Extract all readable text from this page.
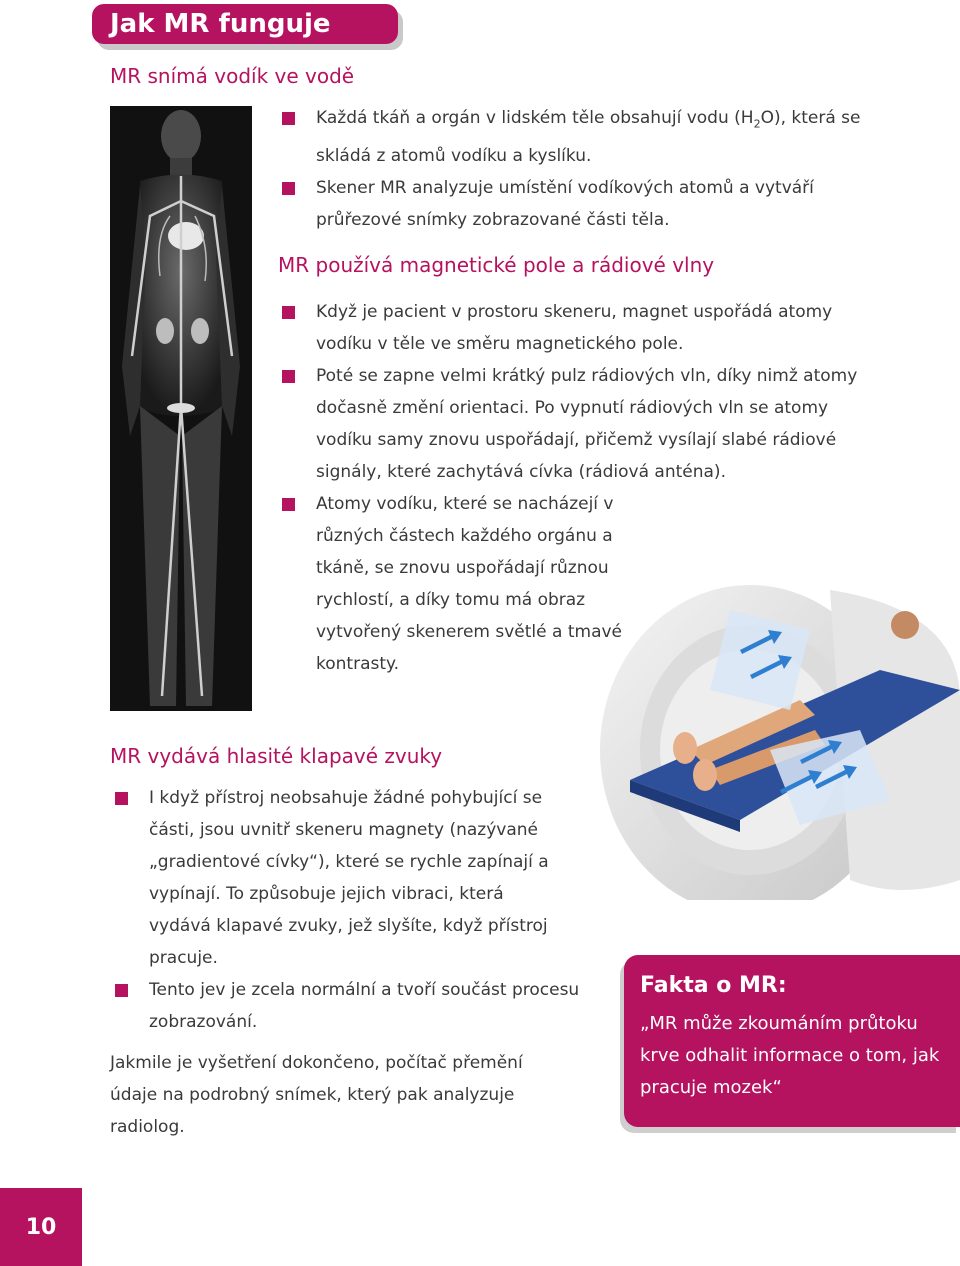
Jak MR funguje
MR snímá vodík ve vodě
Každá tkáň a orgán v lidském těle obsahují vodu $(H_2O)$, která se skládá z atomů vodíku a kyslíku.
Skener MR analyzuje umístění vodíkových atomů a vytváří průřezové snímky zobrazované části těla.
MR používá magnetické pole a rádiové vlny
Když je pacient v prostoru skeneru, magnet uspořádá atomy vodíku v těle ve směru magnetického pole.
Poté se zapne velmi krátký pulz rádiových vln, díky nimž atomy dočasně změní orientaci. Po vypnutí rádiových vln se atomy vodíku samy znovu uspořádají, přičemž vysílají slabé rádiové signály, které zachytává cívka (rádiová anténa).
Atomy vodíku, které se nacházejí v různých částech každého orgánu a tkáně, se znovu uspořádají různou rychlostí, a díky tomu má obraz vytvořený skenerem světlé a tmavé kontrasty.
MR vydává hlasité klapavé zvuky
I když přístroj neobsahuje žádné pohybující se části, jsou uvnitř skeneru magnety (nazývané „gradientové cívky“), které se rychle zapínají a vypínají. To způsobuje jejich vibraci, která vydává klapavé zvuky, jež slyšíte, když přístroj pracuje.
Tento jev je zcela normální a tvoří součást procesu zobrazování.
Jakmile je vyšetření dokončeno, počítač přemění údaje na podrobný snímek, který pak analyzuje radiolog.
Fakta o MR:
„MR může zkoumáním průtoku krve odhalit informace o tom, jak pracuje mozek“
10
